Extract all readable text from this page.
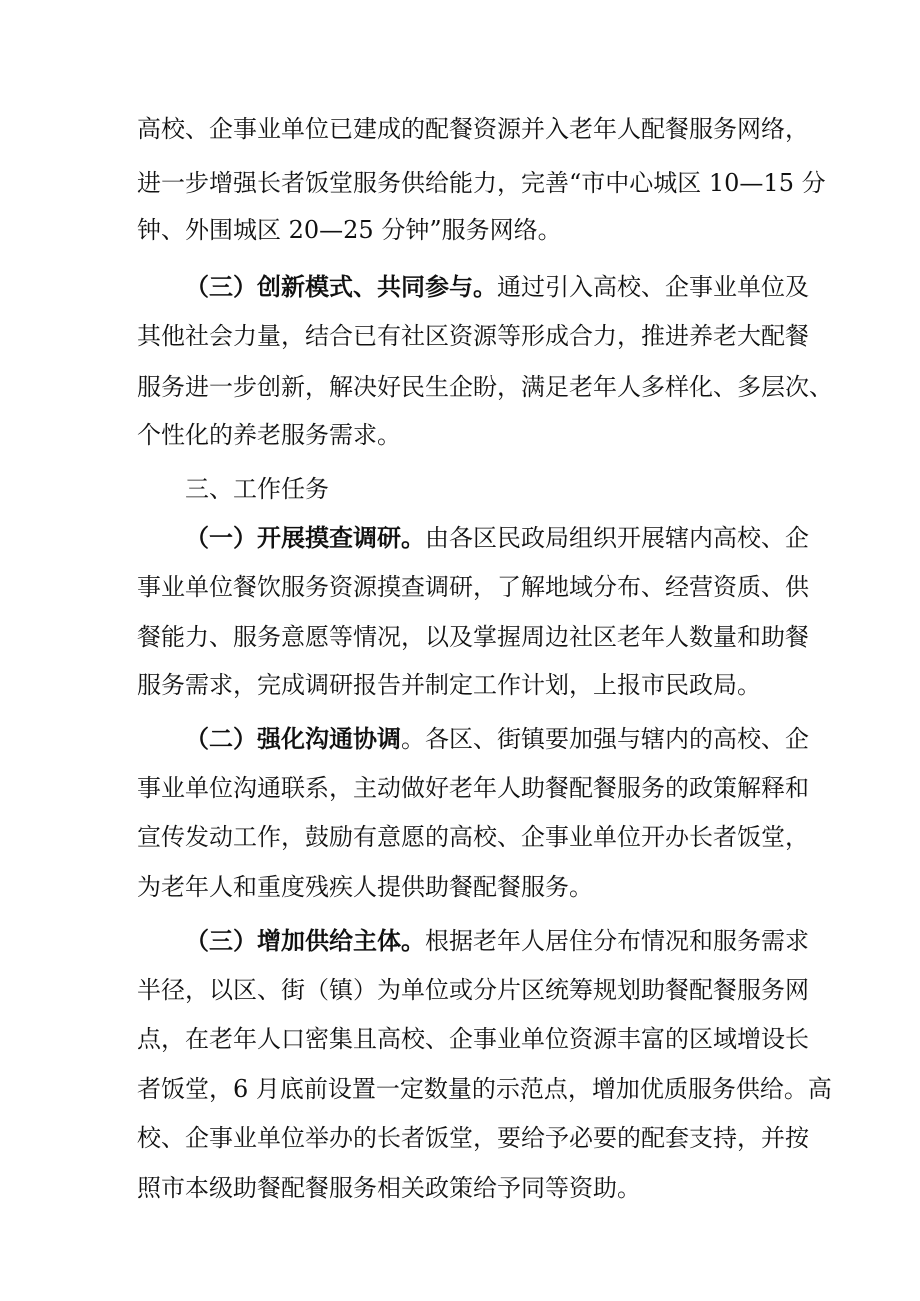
高校、企事业单位已建成的配餐资源并入老年人配餐服务网络，
进一步增强长者饭堂服务供给能力，完善“市中心城区 10—15 分
钟、外围城区 20—25 分钟”服务网络。
（三）创新模式、共同参与。 通过引入高校、企事业单位及
其他社会力量，结合已有社区资源等形成合力，推进养老大配餐
服务进一步创新，解决好民生企盼，满足老年人多样化、多层次、
个性化的养老服务需求。
三、工作任务
（一）开展摸查调研。 由各区民政局组织开展辖内高校、企
事业单位餐饮服务资源摸查调研，了解地域分布、经营资质、供
餐能力、服务意愿等情况，以及掌握周边社区老年人数量和助餐
服务需求，完成调研报告并制定工作计划，上报市民政局。
（二）强化沟通协调 。各区、街镇要加强与辖内的高校、企
事业单位沟通联系，主动做好老年人助餐配餐服务的政策解释和
宣传发动工作，鼓励有意愿的高校、企事业单位开办长者饭堂，
为老年人和重度残疾人提供助餐配餐服务。
（三）增加供给主体。 根据老年人居住分布情况和服务需求
半径，以区、街（镇）为单位或分片区统筹规划助餐配餐服务网
点，在老年人口密集且高校、企事业单位资源丰富的区域增设长
者饭堂，6 月底前设置一定数量的示范点，增加优质服务供给。高
校、企事业单位举办的长者饭堂，要给予必要的配套支持，并按
照市本级助餐配餐服务相关政策给予同等资助。
